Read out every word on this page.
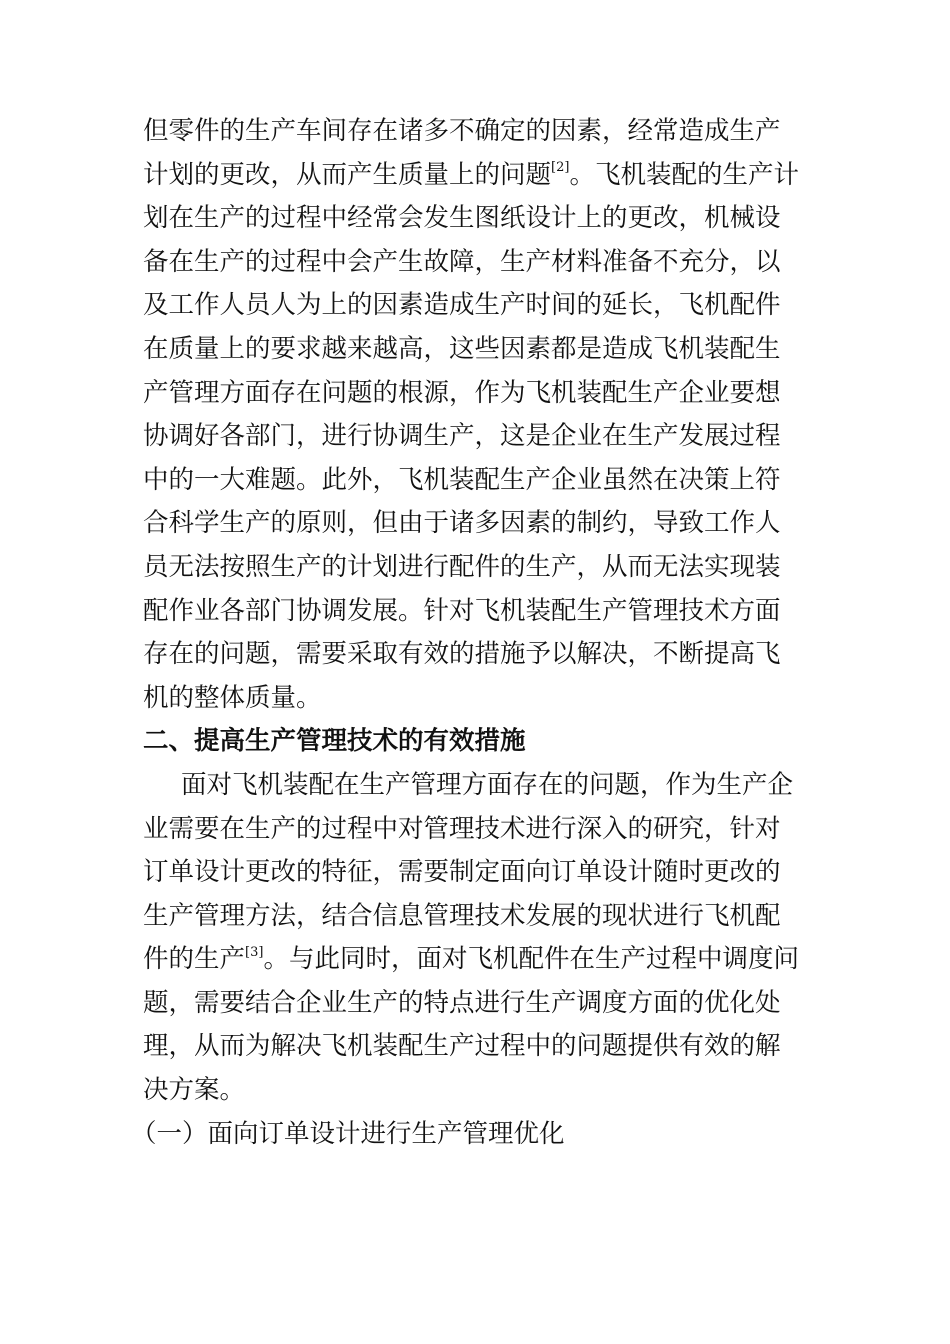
但零件的生产车间存在诸多不确定的因素，经常造成生产
计划的更改，从而产生质量上的问题[2]。飞机装配的生产计
划在生产的过程中经常会发生图纸设计上的更改，机械设
备在生产的过程中会产生故障，生产材料准备不充分，以
及工作人员人为上的因素造成生产时间的延长，飞机配件
在质量上的要求越来越高，这些因素都是造成飞机装配生
产管理方面存在问题的根源，作为飞机装配生产企业要想
协调好各部门，进行协调生产，这是企业在生产发展过程
中的一大难题。此外，飞机装配生产企业虽然在决策上符
合科学生产的原则，但由于诸多因素的制约，导致工作人
员无法按照生产的计划进行配件的生产，从而无法实现装
配作业各部门协调发展。针对飞机装配生产管理技术方面
存在的问题，需要采取有效的措施予以解决，不断提高飞
机的整体质量。
二、提高生产管理技术的有效措施
面对飞机装配在生产管理方面存在的问题，作为生产企
业需要在生产的过程中对管理技术进行深入的研究，针对
订单设计更改的特征，需要制定面向订单设计随时更改的
生产管理方法，结合信息管理技术发展的现状进行飞机配
件的生产[3]。与此同时，面对飞机配件在生产过程中调度问
题，需要结合企业生产的特点进行生产调度方面的优化处
理，从而为解决飞机装配生产过程中的问题提供有效的解
决方案。
（一）面向订单设计进行生产管理优化
